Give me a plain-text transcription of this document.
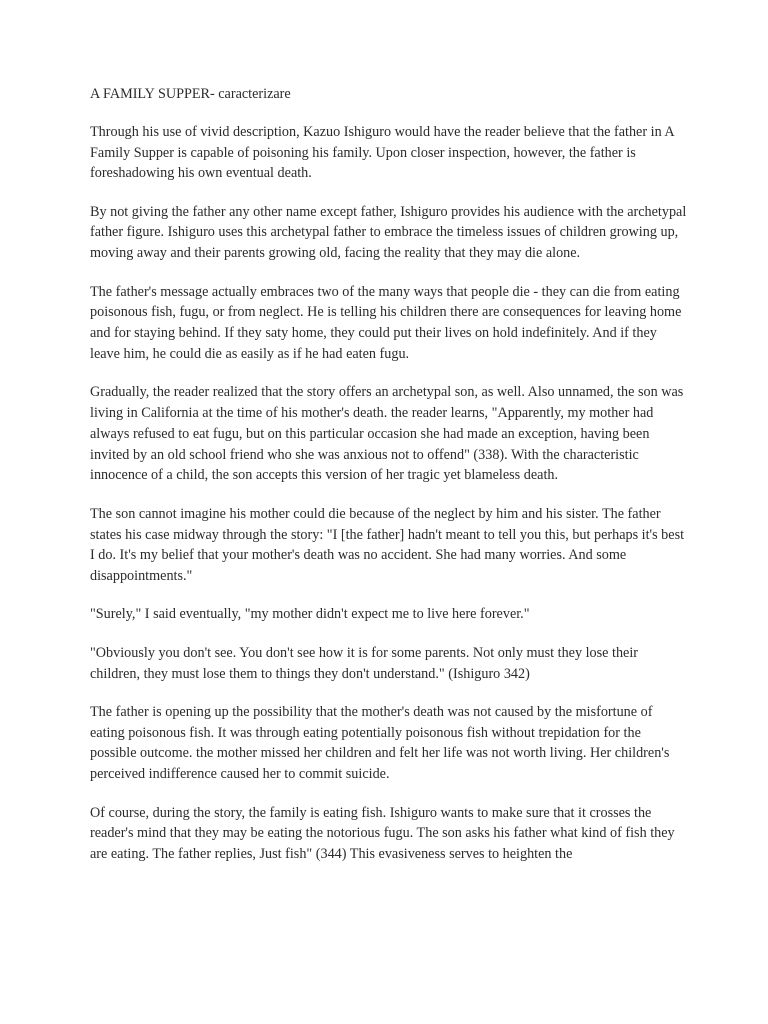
A FAMILY SUPPER- caracterizare

Through his use of vivid description, Kazuo Ishiguro would have the reader believe that the father in A Family Supper is capable of poisoning his family. Upon closer inspection, however, the father is foreshadowing his own eventual death.

By not giving the father any other name except father, Ishiguro provides his audience with the archetypal father figure. Ishiguro uses this archetypal father to embrace the timeless issues of children growing up, moving away and their parents growing old, facing the reality that they may die alone.

The father's message actually embraces two of the many ways that people die - they can die from eating poisonous fish, fugu, or from neglect. He is telling his children there are consequences for leaving home and for staying behind. If they saty home, they could put their lives on hold indefinitely. And if they leave him, he could die as easily as if he had eaten fugu.

Gradually, the reader realized that the story offers an archetypal son, as well. Also unnamed, the son was living in California at the time of his mother's death. the reader learns, "Apparently, my mother had always refused to eat fugu, but on this particular occasion she had made an exception, having been invited by an old school friend who she was anxious not to offend" (338). With the characteristic innocence of a child, the son accepts this version of her tragic yet blameless death.

The son cannot imagine his mother could die because of the neglect by him and his sister. The father states his case midway through the story: "I [the father] hadn't meant to tell you this, but perhaps it's best I do. It's my belief that your mother's death was no accident. She had many worries. And some disappointments."

"Surely," I said eventually, "my mother didn't expect me to live here forever."

"Obviously you don't see. You don't see how it is for some parents. Not only must they lose their children, they must lose them to things they don't understand." (Ishiguro 342)

The father is opening up the possibility that the mother's death was not caused by the misfortune of eating poisonous fish. It was through eating potentially poisonous fish without trepidation for the possible outcome. the mother missed her children and felt her life was not worth living. Her children's perceived indifference caused her to commit suicide.

Of course, during the story, the family is eating fish. Ishiguro wants to make sure that it crosses the reader's mind that they may be eating the notorious fugu. The son asks his father what kind of fish they are eating. The father replies, Just fish" (344) This evasiveness serves to heighten the
